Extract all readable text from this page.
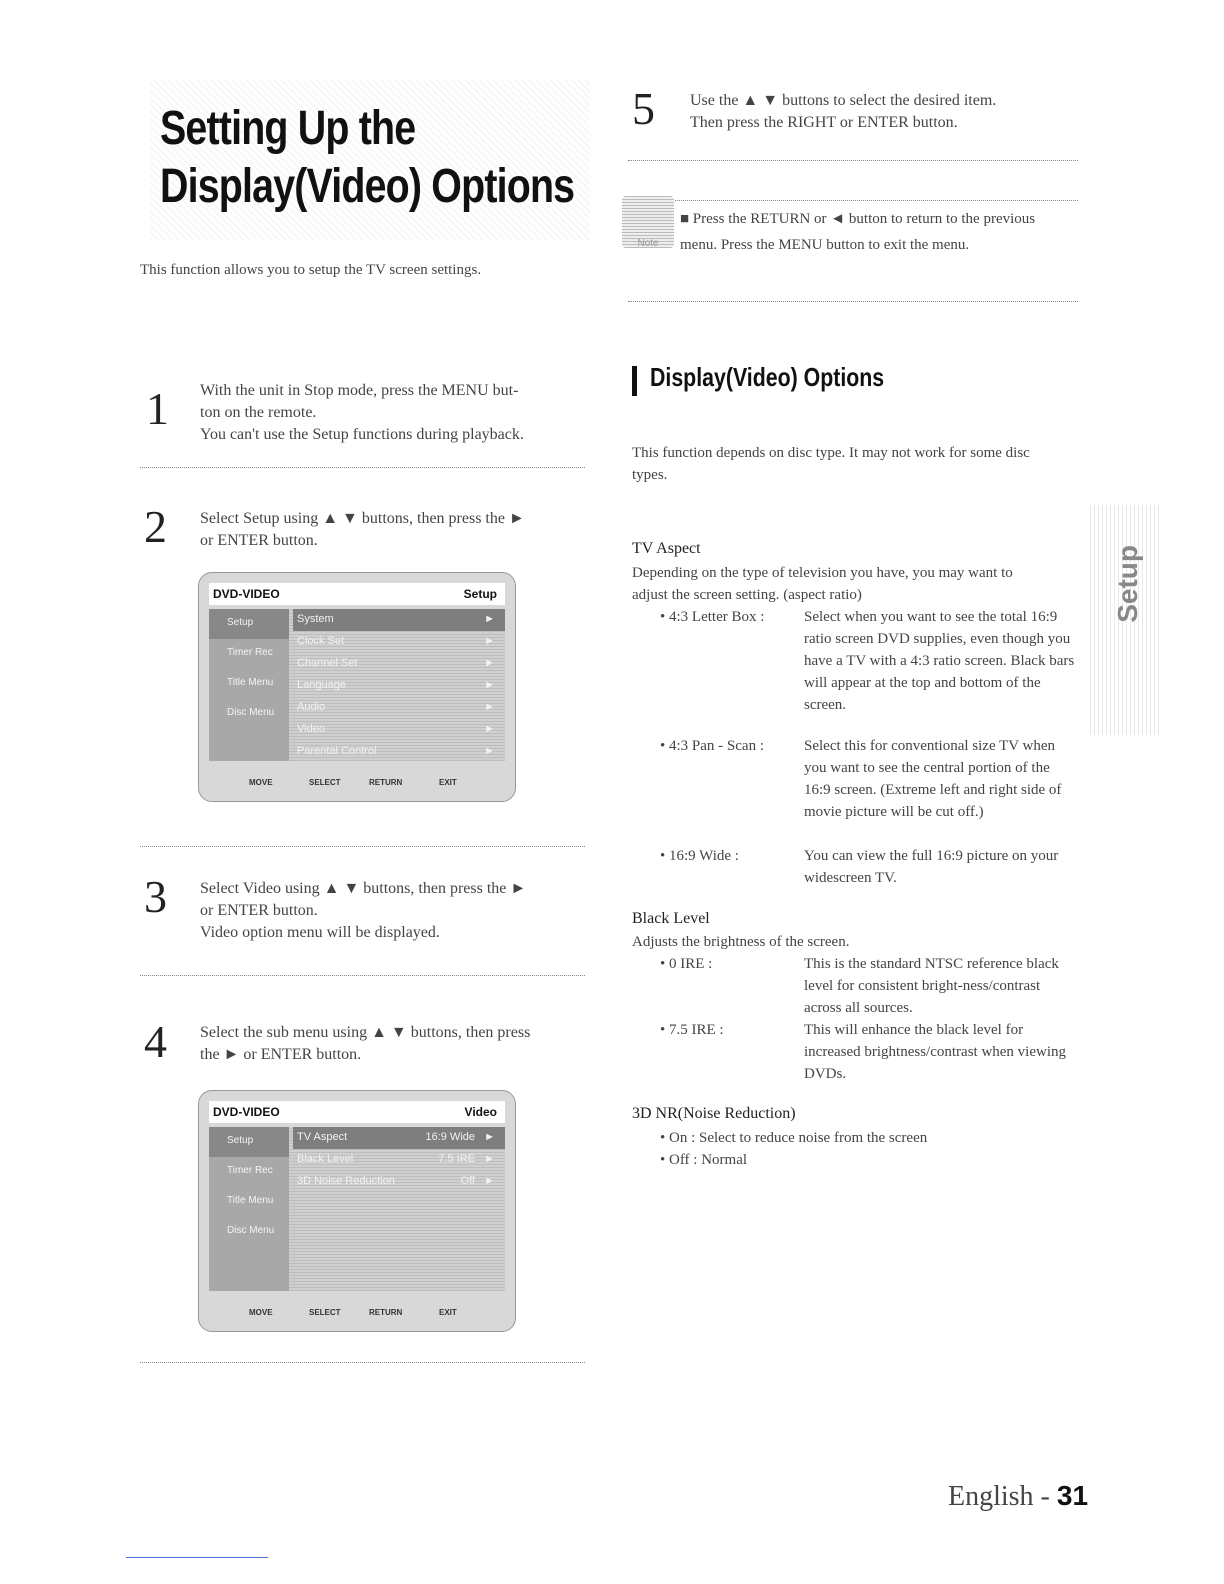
Setting Up the
Display(Video) Options
This function allows you to setup the TV screen settings.
1 With the unit in Stop mode, press the MENU but-
ton on the remote.
You can't use the Setup functions during playback.
2 Select Setup using ▲ ▼ buttons, then press the ►
or ENTER button.
DVD-VIDEO	Setup
Setup
Timer Rec
Title Menu
Disc Menu
System	►
Clock Set	►
Channel Set	►
Language	►
Audio	►
Video	►
Parental Control	►
MOVE	SELECT	RETURN	EXIT
3 Select Video using ▲ ▼ buttons, then press the ►
or ENTER button.
Video option menu will be displayed.
4 Select the sub menu using ▲ ▼ buttons, then press
the ► or ENTER button.
DVD-VIDEO	Video
Setup
Timer Rec
Title Menu
Disc Menu
TV Aspect	16:9 Wide ►
Black Level	7.5 IRE ►
3D Noise Reduction	Off ►
MOVE	SELECT	RETURN	EXIT
5 Use the ▲ ▼ buttons to select the desired item.
Then press the RIGHT or ENTER button.
Note
■ Press the RETURN or ◄ button to return to the previous menu. Press the MENU button to exit the menu.
Display(Video) Options
This function depends on disc type. It may not work for some disc types.
TV Aspect
Depending on the type of television you have, you may want to adjust the screen setting. (aspect ratio)
• 4:3 Letter Box :	Select when you want to see the total 16:9 ratio screen DVD supplies, even though you have a TV with a 4:3 ratio screen. Black bars will appear at the top and bottom of the screen.
• 4:3 Pan - Scan :	Select this for conventional size TV when you want to see the central portion of the 16:9 screen. (Extreme left and right side of movie picture will be cut off.)
• 16:9 Wide :	You can view the full 16:9 picture on your widescreen TV.
Black Level
Adjusts the brightness of the screen.
• 0 IRE :	This is the standard NTSC reference black level for consistent bright-ness/contrast across all sources.
• 7.5 IRE :	This will enhance the black level for increased brightness/contrast when viewing DVDs.
3D NR(Noise Reduction)
• On : Select to reduce noise from the screen
• Off : Normal
Setup
English - 31
